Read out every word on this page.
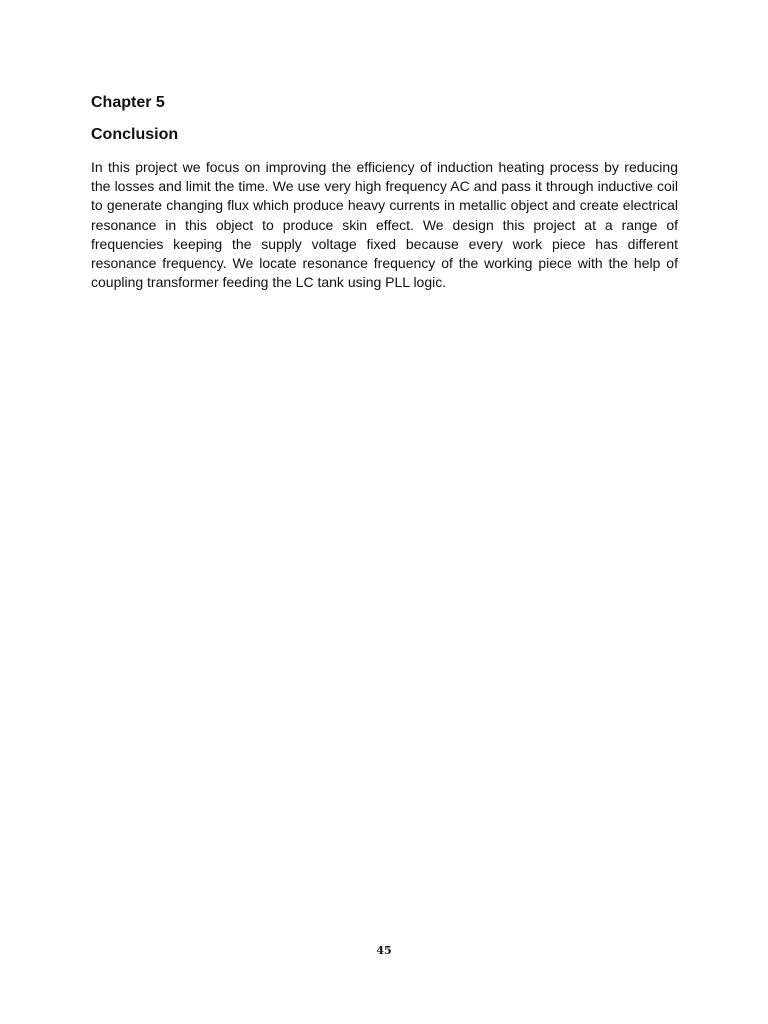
Chapter 5
Conclusion

In this project we focus on improving the efficiency of induction heating process by reducing the losses and limit the time. We use very high frequency AC and pass it through inductive coil to generate changing flux which produce heavy currents in metallic object and create electrical resonance in this object to produce skin effect. We design this project at a range of frequencies keeping the supply voltage fixed because every work piece has different resonance frequency. We locate resonance frequency of the working piece with the help of coupling transformer feeding the LC tank using PLL logic.

45
